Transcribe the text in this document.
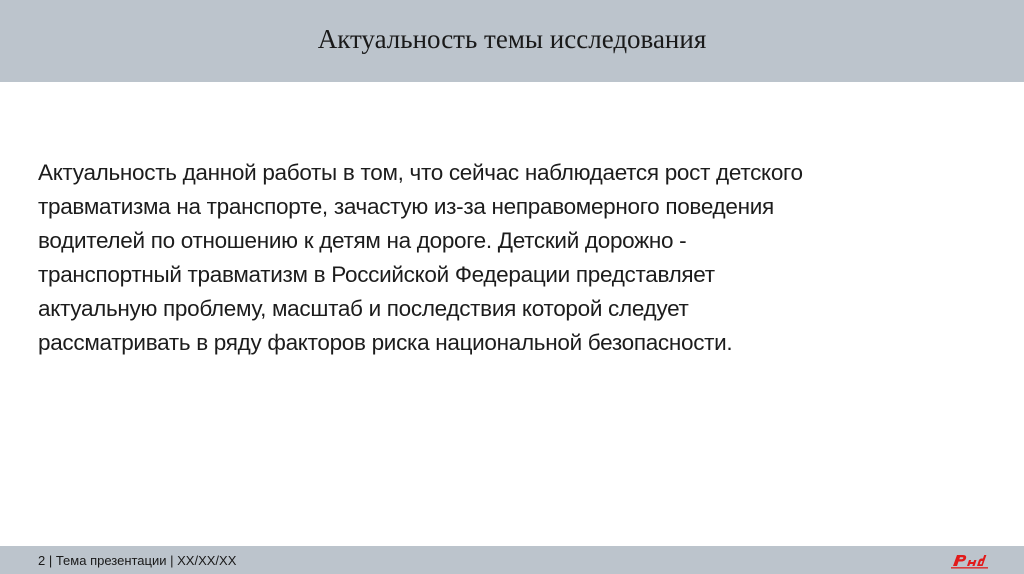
Актуальность темы исследования

Актуальность данной работы в том, что сейчас наблюдается рост детского
травматизма на транспорте, зачастую из-за неправомерного поведения
водителей по отношению к детям на дороге. Детский дорожно -
транспортный травматизм в Российской Федерации представляет
актуальную проблему, масштаб и последствия которой следует
рассматривать в ряду факторов риска национальной безопасности.

2 | Тема презентации | XX/XX/XX
